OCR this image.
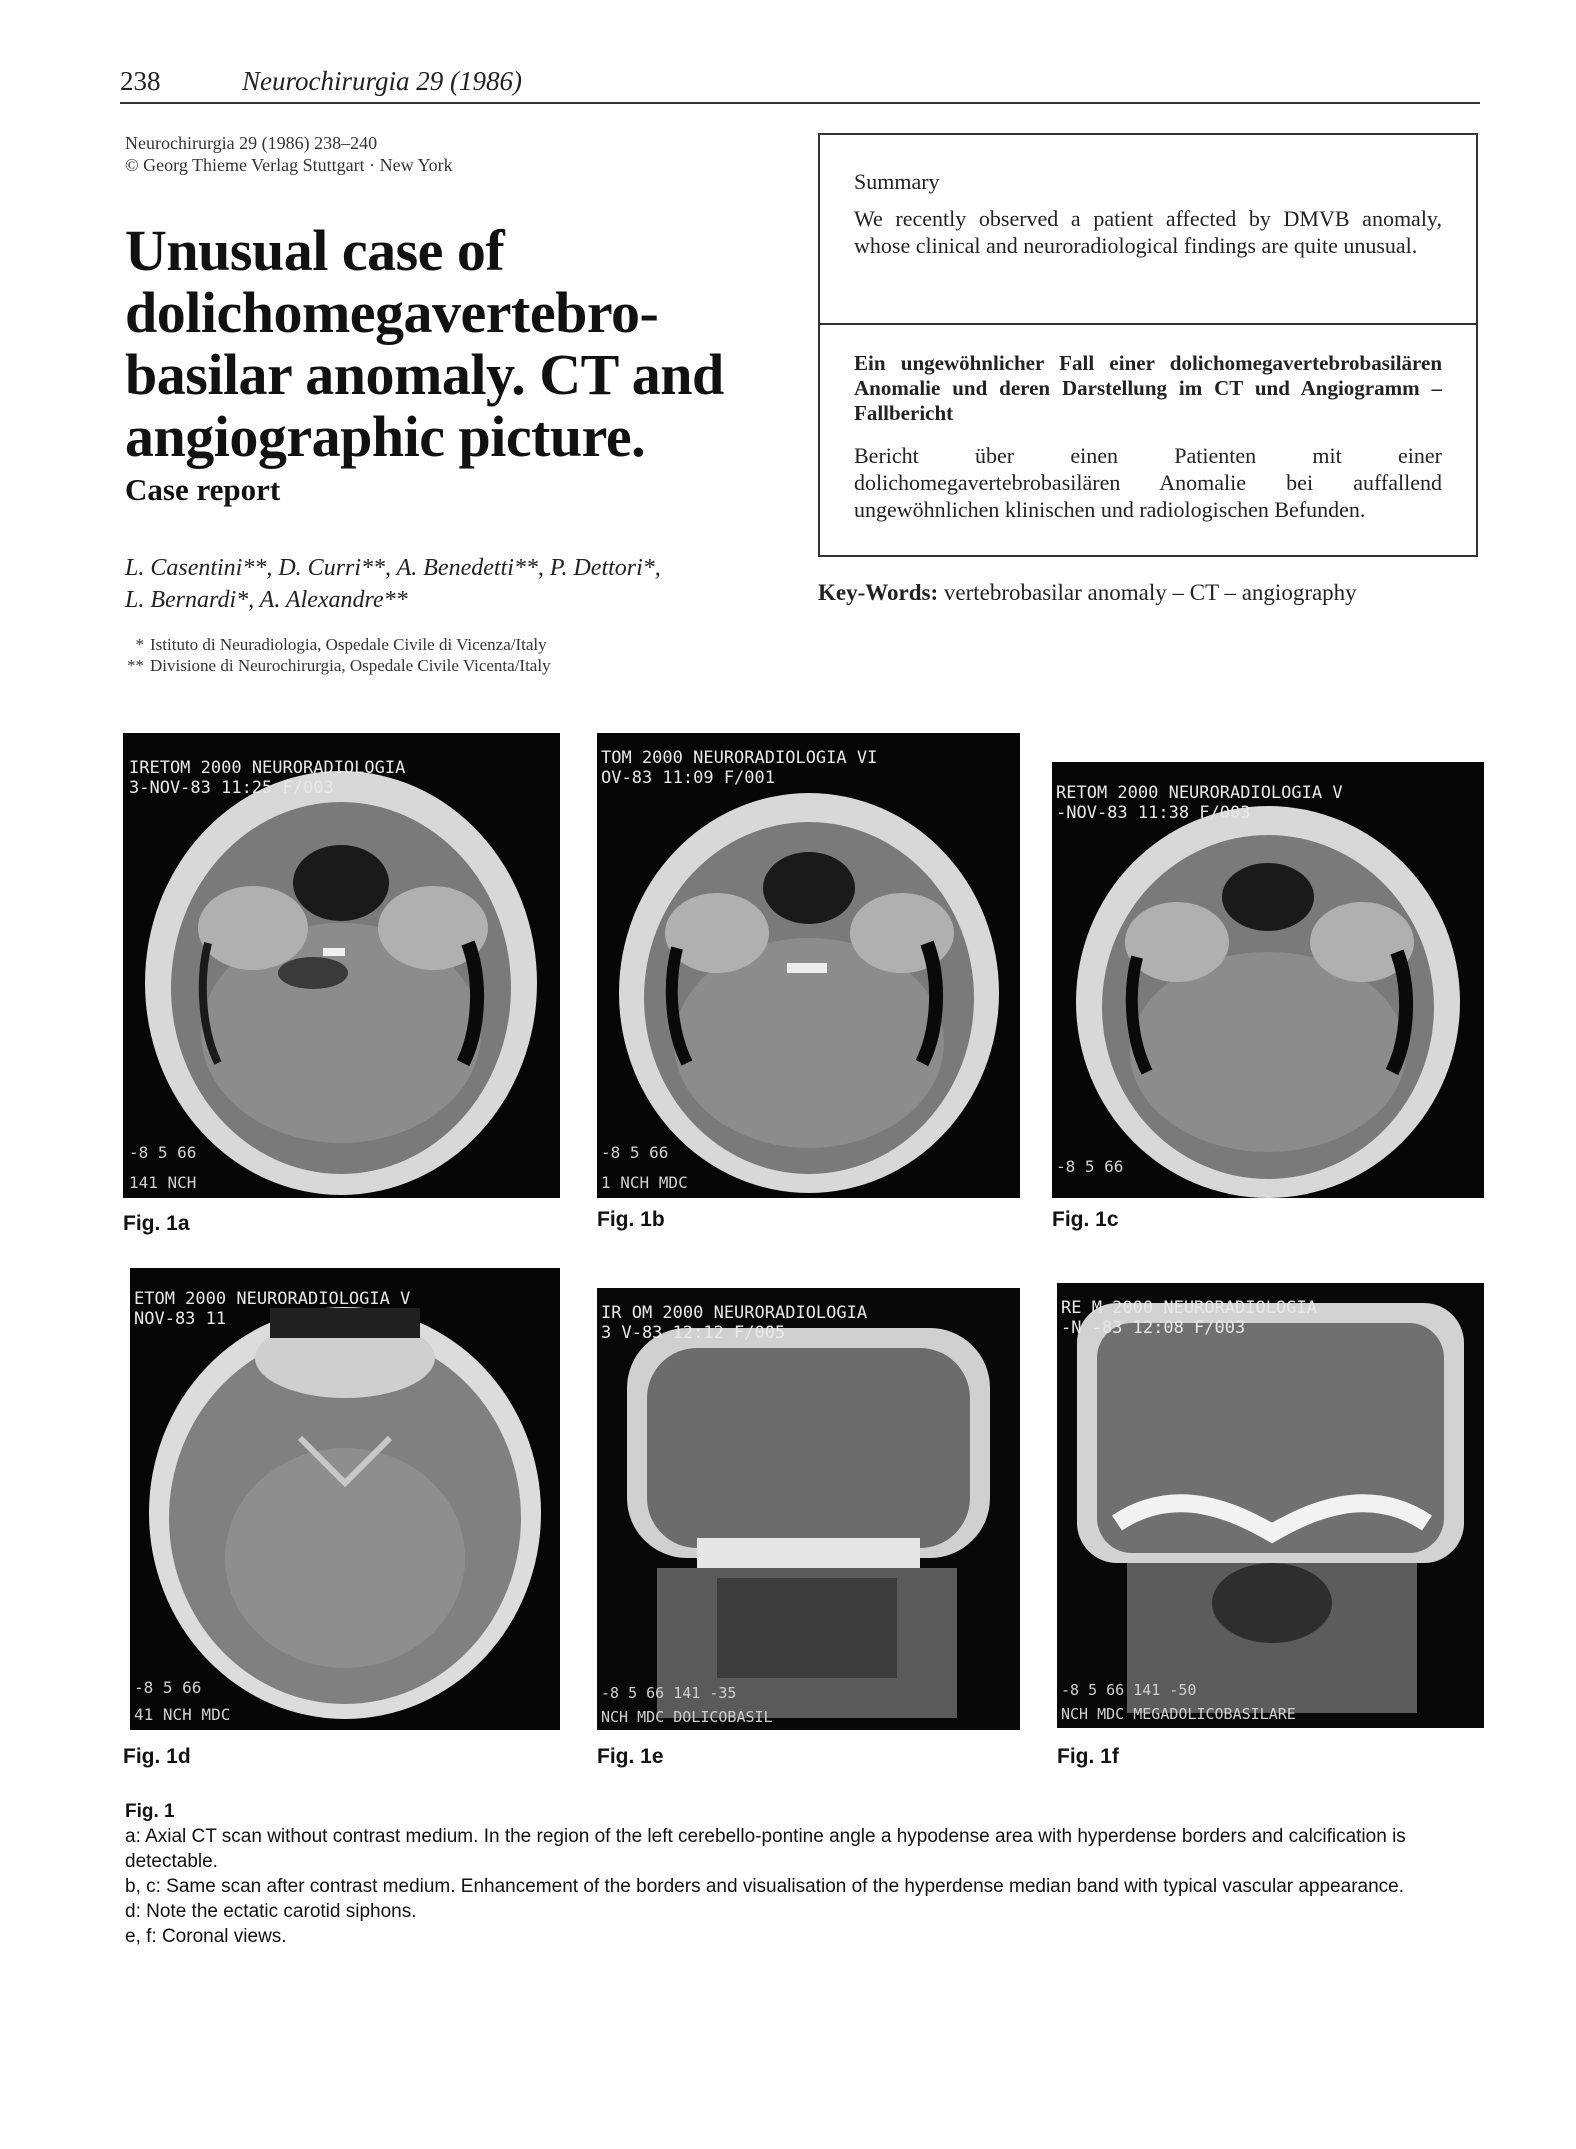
238	Neurochirurgia 29 (1986)
Neurochirurgia 29 (1986) 238–240
© Georg Thieme Verlag Stuttgart · New York
Unusual case of dolichomegavertebro-basilar anomaly. CT and angiographic picture.
Case report
L. Casentini**, D. Curri**, A. Benedetti**, P. Dettori*,
L. Bernardi*, A. Alexandre**
* Istituto di Neuradiologia, Ospedale Civile di Vicenza/Italy
** Divisione di Neurochirurgia, Ospedale Civile Vicenta/Italy
Summary
We recently observed a patient affected by DMVB anomaly, whose clinical and neuroradiological findings are quite unusual.
Ein ungewöhnlicher Fall einer dolichomegavertebrobasilären Anomalie und deren Darstellung im CT und Angiogramm – Fallbericht
Bericht über einen Patienten mit einer dolichomegavertebrobasilären Anomalie bei auffallend ungewöhnlichen klinischen und radiologischen Befunden.
Key-Words: vertebrobasilar anomaly – CT – angiography
IRETOM 2000 NEURORADIOLOGIA
3-NOV-83 11:25 F/003
-8 5 66
141 NCH
Fig. 1a
TOM 2000 NEURORADIOLOGIA VI
OV-83 11:09 F/001
-8 5 66
1 NCH MDC
Fig. 1b
RETOM 2000 NEURORADIOLOGIA V
-NOV-83 11:38 F/003
-8 5 66
Fig. 1c
ETOM 2000 NEURORADIOLOGIA V
NOV-83 11
-8 5 66
41 NCH MDC
Fig. 1d
IR OM 2000 NEURORADIOLOGIA
3 V-83 12:12 F/005
-8 5 66 141 -35
NCH MDC DOLICOBASIL
Fig. 1e
RE M 2000 NEURORADIOLOGIA
-N -83 12:08 F/003
-8 5 66 141 -50
NCH MDC MEGADOLICOBASILARE
Fig. 1f
Fig. 1
a: Axial CT scan without contrast medium. In the region of the left cerebello-pontine angle a hypodense area with hyperdense borders and calcification is detectable.
b, c: Same scan after contrast medium. Enhancement of the borders and visualisation of the hyperdense median band with typical vascular appearance.
d: Note the ectatic carotid siphons.
e, f: Coronal views.
